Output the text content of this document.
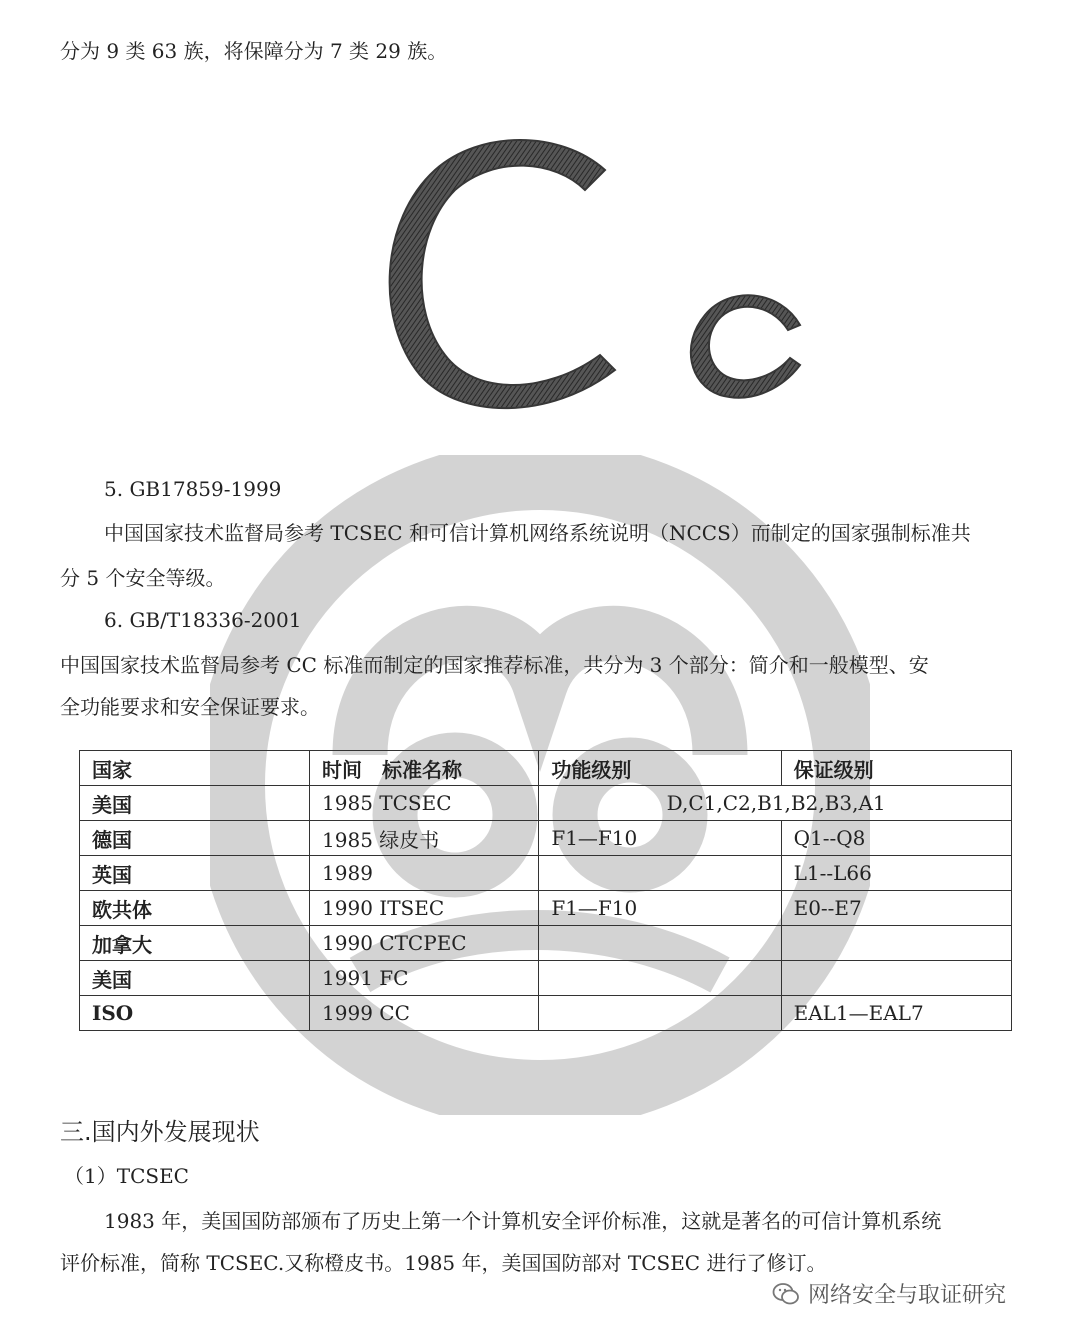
分为 9 类 63 族，将保障分为 7 类 29 族。
5. GB17859-1999
中国国家技术监督局参考 TCSEC 和可信计算机网络系统说明（NCCS）而制定的国家强制标准共
分 5 个安全等级。
6. GB/T18336-2001
中国国家技术监督局参考 CC 标准而制定的国家推荐标准，共分为 3 个部分：简介和一般模型、安
全功能要求和安全保证要求。
国家	时间　标准名称	功能级别	保证级别
美国	1985 TCSEC	D,C1,C2,B1,B2,B3,A1	
德国	1985 绿皮书	F1—F10	Q1--Q8
英国	1989		L1--L66
欧共体	1990 ITSEC	F1—F10	E0--E7
加拿大	1990 CTCPEC		
美国	1991 FC		
ISO	1999 CC		EAL1—EAL7
三.国内外发展现状
（1）TCSEC
1983 年，美国国防部颁布了历史上第一个计算机安全评价标准，这就是著名的可信计算机系统
评价标准，简称 TCSEC.又称橙皮书。1985 年，美国国防部对 TCSEC 进行了修订。
网络安全与取证研究
